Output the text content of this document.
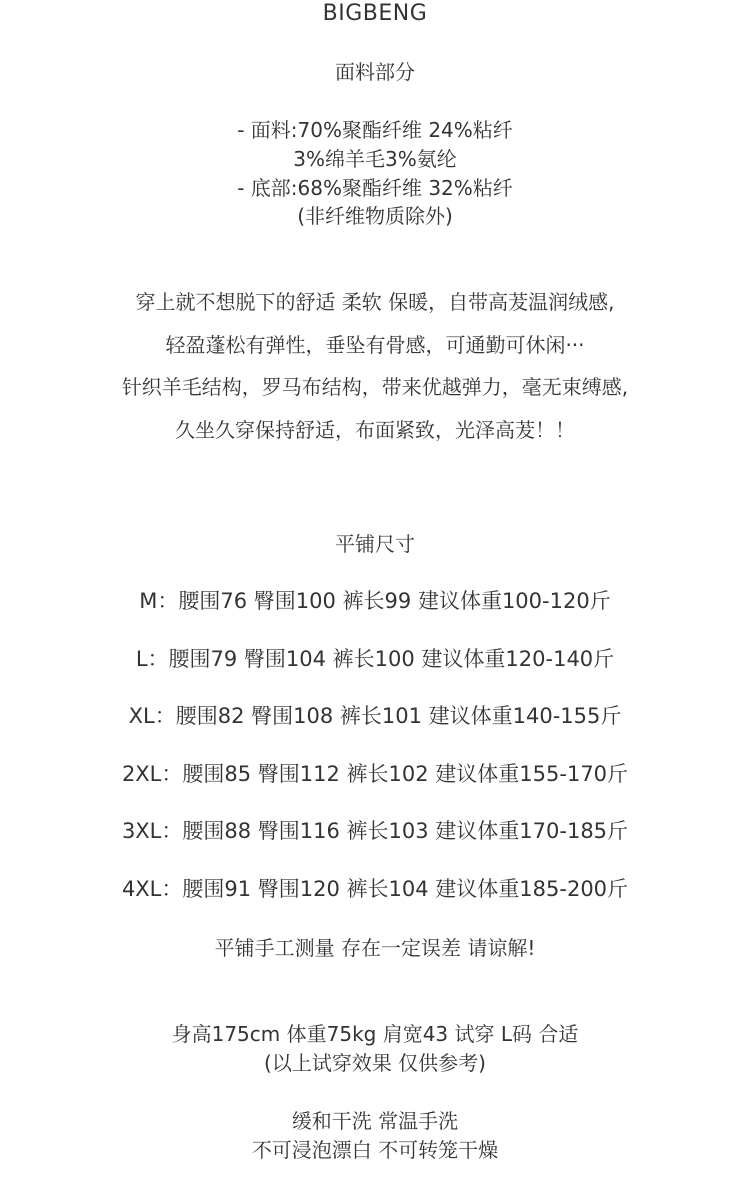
BIGBENG
面料部分
- 面料:70%聚酯纤维 24%粘纤
3%绵羊毛3%氨纶
- 底部:68%聚酯纤维 32%粘纤
(非纤维物质除外)
穿上就不想脱下的舒适 柔软 保暖，自带高茇温润绒感,
轻盈蓬松有弹性，垂坠有骨感，可通勤可休闲···
针织羊毛结构，罗马布结构，带来优越弹力，毫无束缚感,
久坐久穿保持舒适，布面紧致，光泽高茇！！
平铺尺寸
M：腰围76 臀围100 裤长99 建议体重100-120斤
L：腰围79 臀围104 裤长100 建议体重120-140斤
XL：腰围82 臀围108 裤长101 建议体重140-155斤
2XL：腰围85 臀围112 裤长102 建议体重155-170斤
3XL：腰围88 臀围116 裤长103 建议体重170-185斤
4XL：腰围91 臀围120 裤长104 建议体重185-200斤
平铺手工测量 存在一定误差 请谅解!
身高175cm 体重75kg 肩宽43 试穿 L码 合适
(以上试穿效果 仅供参考)
缓和干洗 常温手洗
不可浸泡漂白 不可转笼干燥
